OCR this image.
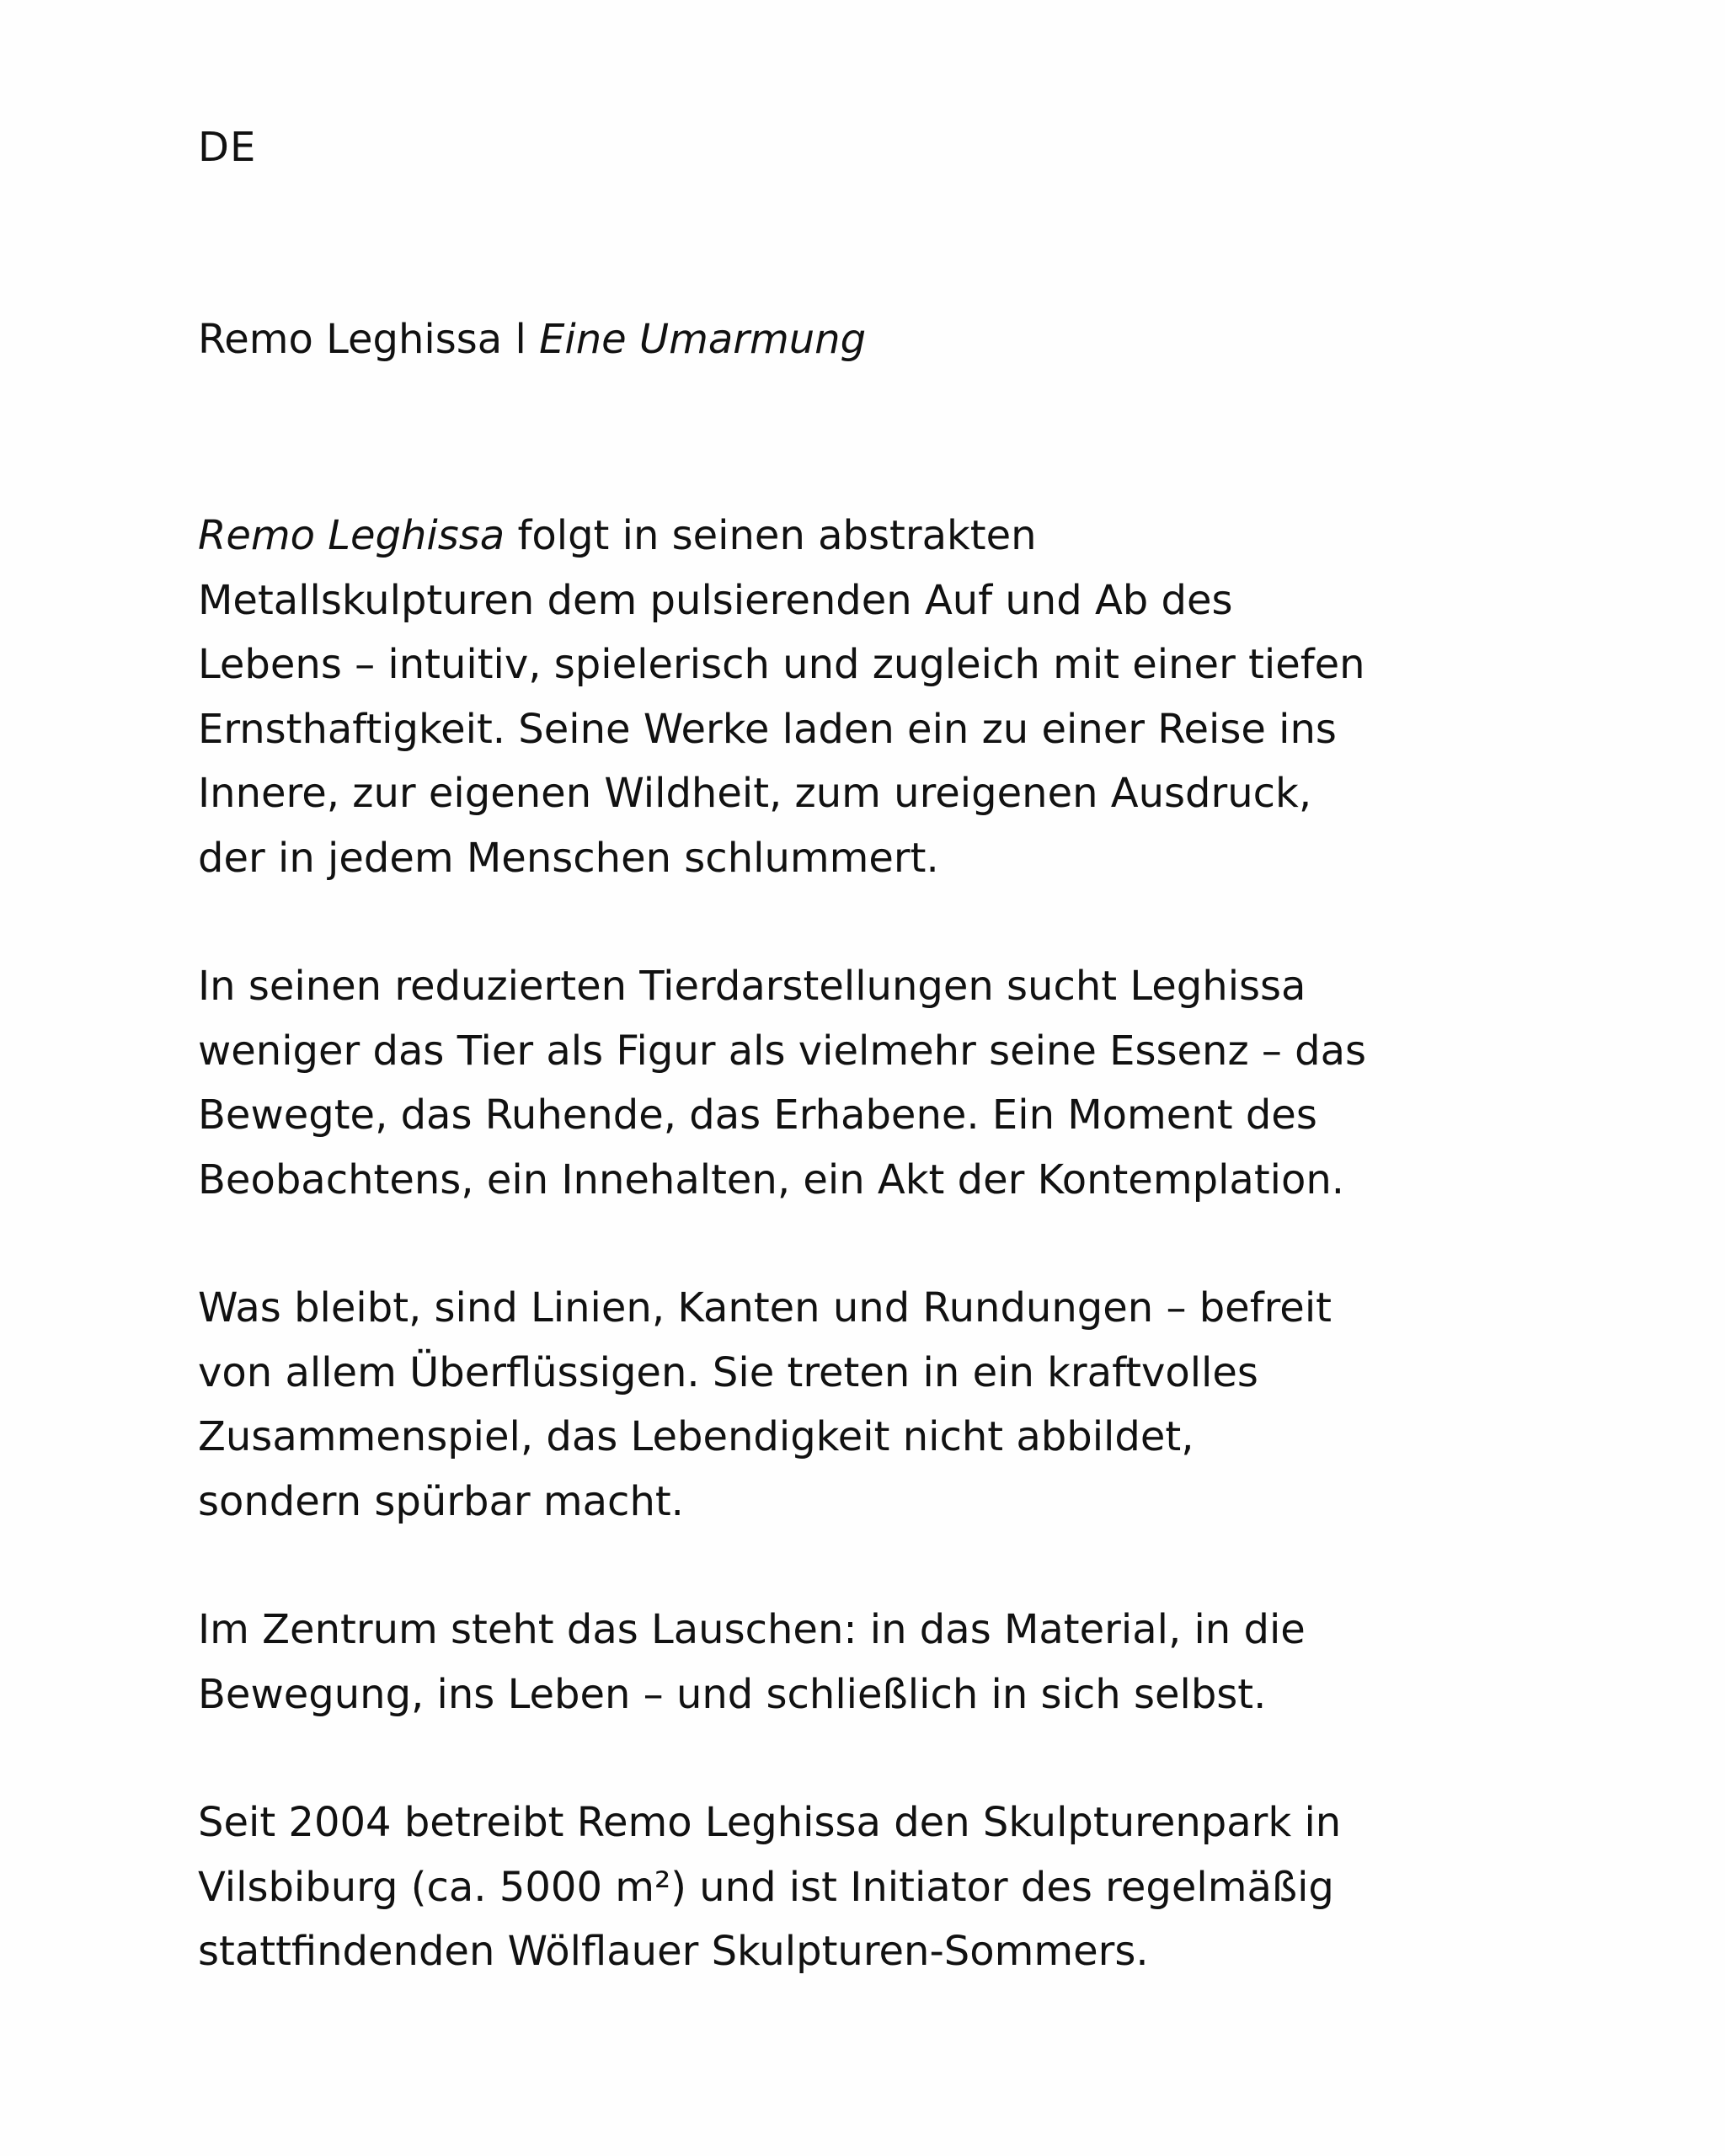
DE
Remo Leghissa l Eine Umarmung

Remo Leghissa folgt in seinen abstrakten
Metallskulpturen dem pulsierenden Auf und Ab des
Lebens – intuitiv, spielerisch und zugleich mit einer tiefen
Ernsthaftigkeit. Seine Werke laden ein zu einer Reise ins
Innere, zur eigenen Wildheit, zum ureigenen Ausdruck,
der in jedem Menschen schlummert.

In seinen reduzierten Tierdarstellungen sucht Leghissa
weniger das Tier als Figur als vielmehr seine Essenz – das
Bewegte, das Ruhende, das Erhabene. Ein Moment des
Beobachtens, ein Innehalten, ein Akt der Kontemplation.

Was bleibt, sind Linien, Kanten und Rundungen – befreit
von allem Überflüssigen. Sie treten in ein kraftvolles
Zusammenspiel, das Lebendigkeit nicht abbildet,
sondern spürbar macht.

Im Zentrum steht das Lauschen: in das Material, in die
Bewegung, ins Leben – und schließlich in sich selbst.

Seit 2004 betreibt Remo Leghissa den Skulpturenpark in
Vilsbiburg (ca. 5000 m²) und ist Initiator des regelmäßig
stattfindenden Wölflauer Skulpturen-Sommers.
